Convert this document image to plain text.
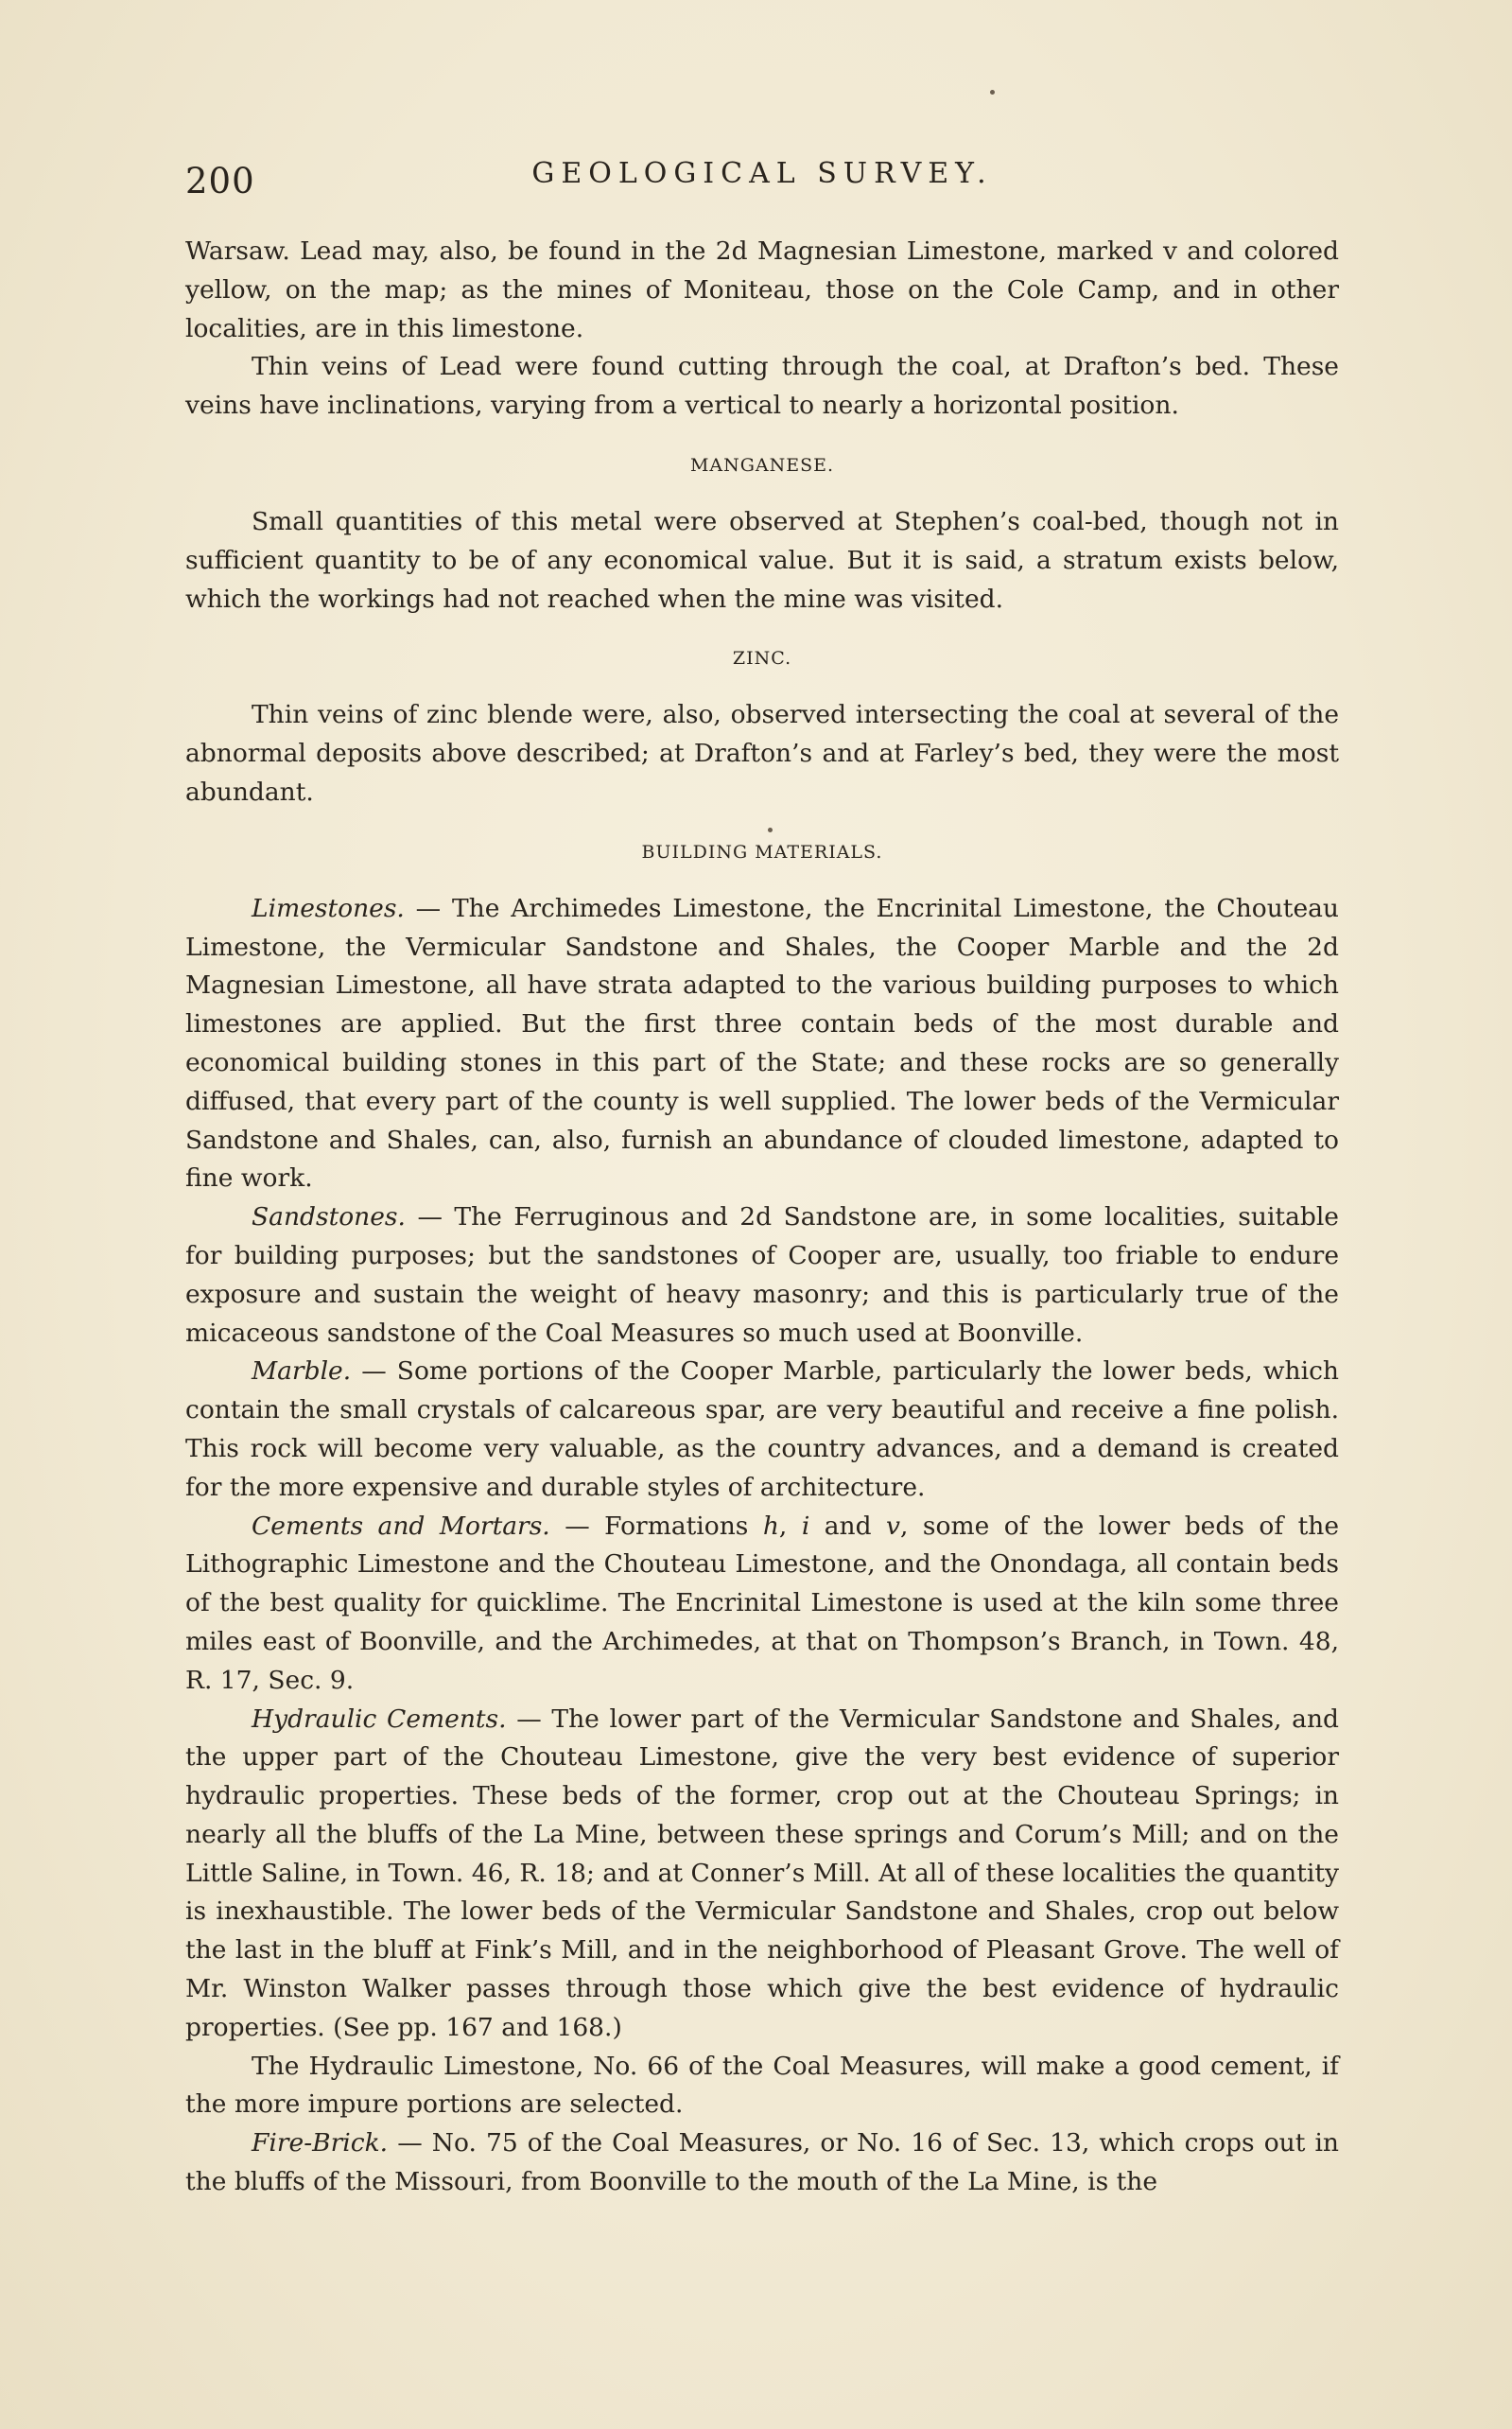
200	GEOLOGICAL SURVEY.

Warsaw. Lead may, also, be found in the 2d Magnesian Limestone, marked v and colored yellow, on the map; as the mines of Moniteau, those on the Cole Camp, and in other localities, are in this limestone.

Thin veins of Lead were found cutting through the coal, at Drafton’s bed. These veins have inclinations, varying from a vertical to nearly a horizontal position.

MANGANESE.

Small quantities of this metal were observed at Stephen’s coal-bed, though not in sufficient quantity to be of any economical value. But it is said, a stratum exists below, which the workings had not reached when the mine was visited.

ZINC.

Thin veins of zinc blende were, also, observed intersecting the coal at several of the abnormal deposits above described; at Drafton’s and at Farley’s bed, they were the most abundant.

BUILDING MATERIALS.

Limestones. — The Archimedes Limestone, the Encrinital Limestone, the Chouteau Limestone, the Vermicular Sandstone and Shales, the Cooper Marble and the 2d Magnesian Limestone, all have strata adapted to the various building purposes to which limestones are applied. But the first three contain beds of the most durable and economical building stones in this part of the State; and these rocks are so generally diffused, that every part of the county is well supplied. The lower beds of the Vermicular Sandstone and Shales, can, also, furnish an abundance of clouded limestone, adapted to fine work.

Sandstones. — The Ferruginous and 2d Sandstone are, in some localities, suitable for building purposes; but the sandstones of Cooper are, usually, too friable to endure exposure and sustain the weight of heavy masonry; and this is particularly true of the micaceous sandstone of the Coal Measures so much used at Boonville.

Marble. — Some portions of the Cooper Marble, particularly the lower beds, which contain the small crystals of calcareous spar, are very beautiful and receive a fine polish. This rock will become very valuable, as the country advances, and a demand is created for the more expensive and durable styles of architecture.

Cements and Mortars. — Formations h, i and v, some of the lower beds of the Lithographic Limestone and the Chouteau Limestone, and the Onondaga, all contain beds of the best quality for quicklime. The Encrinital Limestone is used at the kiln some three miles east of Boonville, and the Archimedes, at that on Thompson’s Branch, in Town. 48, R. 17, Sec. 9.

Hydraulic Cements. — The lower part of the Vermicular Sandstone and Shales, and the upper part of the Chouteau Limestone, give the very best evidence of superior hydraulic properties. These beds of the former, crop out at the Chouteau Springs; in nearly all the bluffs of the La Mine, between these springs and Corum’s Mill; and on the Little Saline, in Town. 46, R. 18; and at Conner’s Mill. At all of these localities the quantity is inexhaustible. The lower beds of the Vermicular Sandstone and Shales, crop out below the last in the bluff at Fink’s Mill, and in the neighborhood of Pleasant Grove. The well of Mr. Winston Walker passes through those which give the best evidence of hydraulic properties. (See pp. 167 and 168.)

The Hydraulic Limestone, No. 66 of the Coal Measures, will make a good cement, if the more impure portions are selected.

Fire-Brick. — No. 75 of the Coal Measures, or No. 16 of Sec. 13, which crops out in the bluffs of the Missouri, from Boonville to the mouth of the La Mine, is the
